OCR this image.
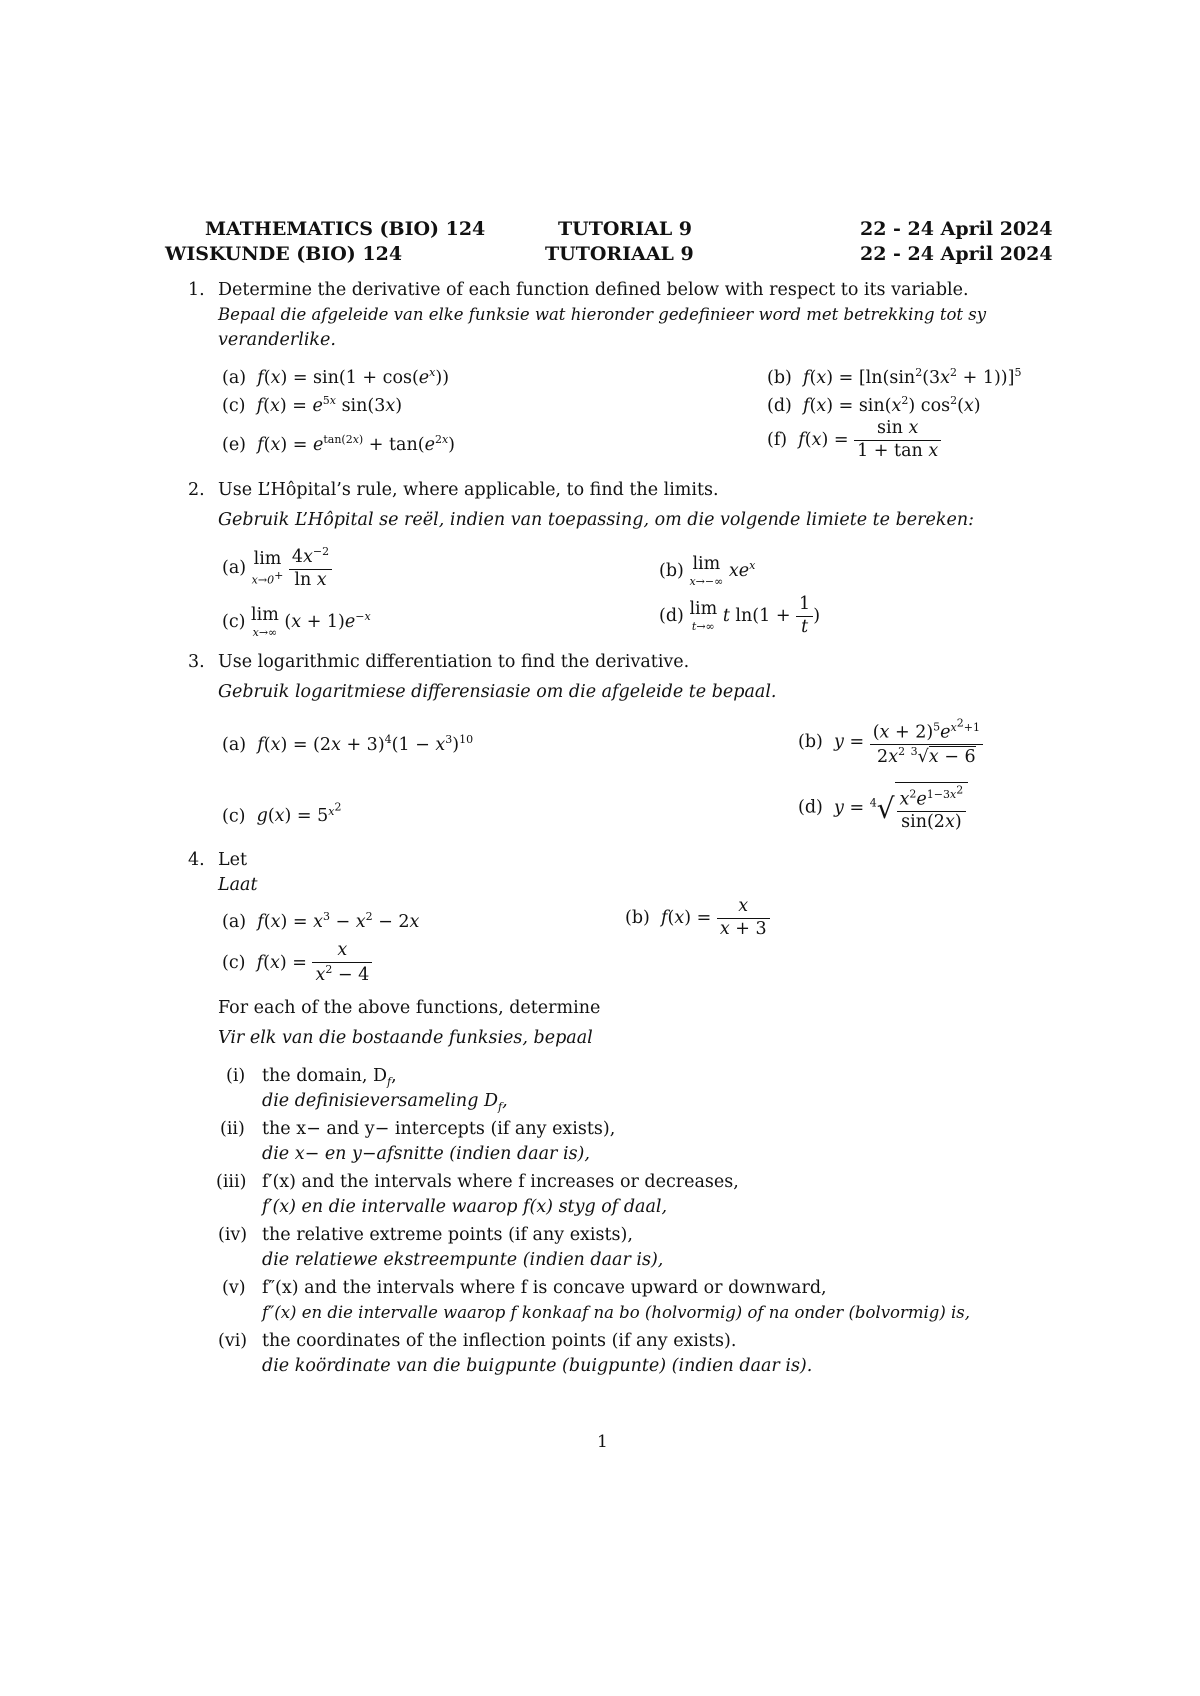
MATHEMATICS (BIO) 124
WISKUNDE (BIO) 124
TUTORIAL 9
TUTORIAAL 9
22 - 24 April 2024
22 - 24 April 2024
1. Determine the derivative of each function defined below with respect to its variable.
Bepaal die afgeleide van elke funksie wat hieronder gedefinieer word met betrekking tot sy
veranderlike.
(a) $f(x) = \sin(1 + \cos(e^x))$	(b) $f(x) = [\ln(\sin^2(3x^2 + 1))]^5$
(c) $f(x) = e^{5x}$ sin(3x)	(d) $f(x) = \sin(x^2)$ $\cos^2(x)$
(e) $f(x) = e^{tan(2x)} + \tan(e^{2x})$	(f) $f(x) = \frac{\text{sin x}}{\text{1 + tan x}}$
2. Use L’Hôpital’s rule, where applicable, to find the limits.
Gebruik L’Hôpital se reël, indien van toepassing, om die volgende limiete te bereken:
(a) lim
x→0+
$\frac{4x^{-2}}{\text{ln x}}$	(b) lim
x→−∞
$xe^x$
(c) lim
x→∞
$(x + 1)e^{-x}$	(d) lim
t→∞
t $\ln(1 + \frac{1}{t}$ )
3. Use logarithmic differentiation to find the derivative.
Gebruik logaritmiese differensiasie om die afgeleide te bepaal.
(a) $f(x) = (2x + 3)^4(1 - x^3)^{10}$	(b) $y = \frac{(x + 2)^5e^{x^2+1}}{2x^2 ^3√x - 6}$
(c) $g(x) = 5^{x^2}$	(d) $y = ^4√ \frac{x^2e^{1-3x^2}}{\sin(2x)}$
4. Let
Laat
(a) $f(x) = x^3 - x^2 - 2x$	(b) $f(x) = \frac{x}{x + 3}$
(c) $f(x) = \frac{x}{x^2 - 4}$
For each of the above functions, determine
Vir elk van die bostaande funksies, bepaal
(i) the domain, $D_f$,
die definisieversameling $D_f$,
(ii) the x− and y− intercepts (if any exists),
die x− en y−afsnitte (indien daar is),
(iii) f′(x) and the intervals where f increases or decreases,
f′(x) en die intervalle waarop f(x) styg of daal,
(iv) the relative extreme points (if any exists),
die relatiewe ekstreempunte (indien daar is),
(v) f″(x) and the intervals where f is concave upward or downward,
f″(x) en die intervalle waarop f konkaaf na bo (holvormig) of na onder (bolvormig) is,
(vi) the coordinates of the inflection points (if any exists).
die koördinate van die buigpunte (buigpunte) (indien daar is).
1
